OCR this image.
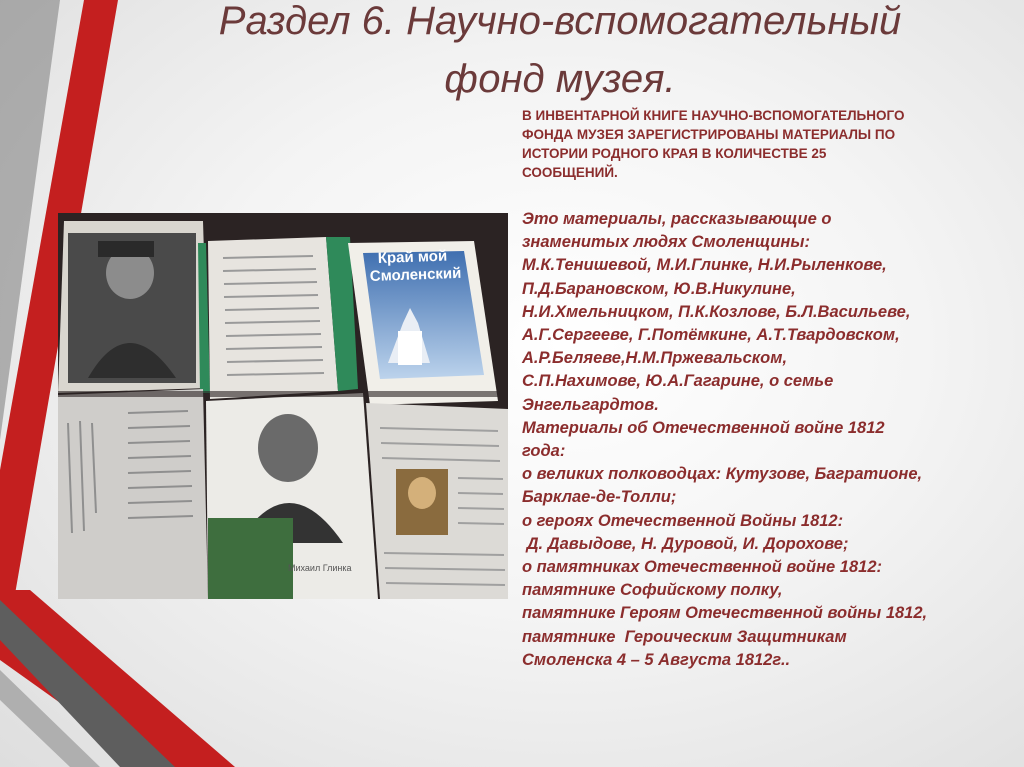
Раздел 6. Научно-вспомогательный
фонд музея.
В ИНВЕНТАРНОЙ КНИГЕ НАУЧНО-ВСПОМОГАТЕЛЬНОГО
ФОНДА МУЗЕЯ ЗАРЕГИСТРИРОВАНЫ МАТЕРИАЛЫ ПО
ИСТОРИИ РОДНОГО КРАЯ В КОЛИЧЕСТВЕ 25
СООБЩЕНИЙ.
Край мой
Смоленский
Михаил Глинка
Это материалы, рассказывающие о
знаменитых людях Смоленщины:
М.К.Тенишевой, М.И.Глинке, Н.И.Рыленкове,
П.Д.Барановском, Ю.В.Никулине,
Н.И.Хмельницком, П.К.Козлове, Б.Л.Васильеве,
А.Г.Сергееве, Г.Потёмкине, А.Т.Твардовском,
А.Р.Беляеве,Н.М.Пржевальском,
С.П.Нахимове, Ю.А.Гагарине, о семье
Энгельгардтов.
Материалы об Отечественной войне 1812
года:
о великих полководцах: Кутузове, Багратионе,
Барклае-де-Толли;
о героях Отечественной Войны 1812:
Д. Давыдове, Н. Дуровой, И. Дорохове;
о памятниках Отечественной войне 1812:
памятнике Софийскому полку,
памятнике Героям Отечественной войны 1812,
памятнике  Героическим Защитникам
Смоленска 4 – 5 Августа 1812г..
